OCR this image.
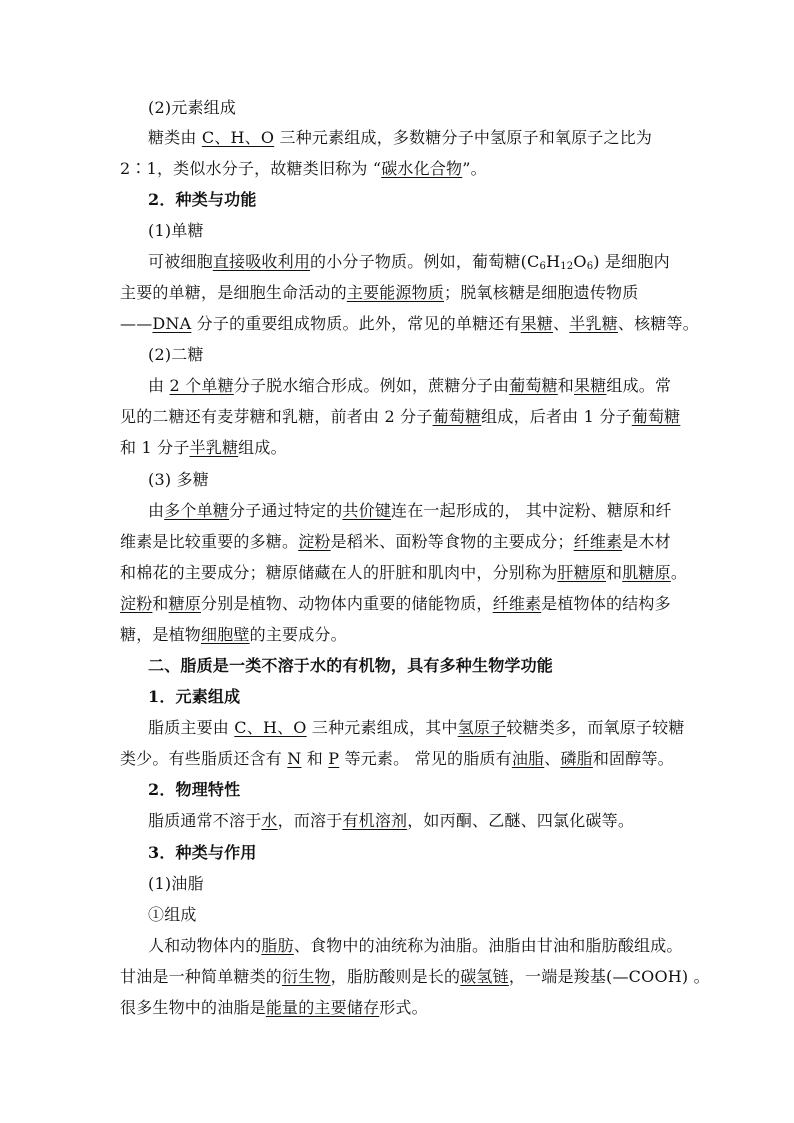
(2)元素组成
糖类由 C、H、O 三种元素组成，多数糖分子中氢原子和氧原子之比为
2∶1，类似水分子，故糖类旧称为 “碳水化合物”。
2．种类与功能
(1)单糖
可被细胞直接吸收利用的小分子物质。例如，葡萄糖$(C_6H_{12}O_6)$ 是细胞内
主要的单糖，是细胞生命活动的主要能源物质；脱氧核糖是细胞遗传物质
——DNA 分子的重要组成物质。此外，常见的单糖还有果糖、半乳糖、核糖等。
(2)二糖
由 2 个单糖分子脱水缩合形成。例如，蔗糖分子由葡萄糖和果糖组成。常
见的二糖还有麦芽糖和乳糖，前者由 2 分子葡萄糖组成，后者由 1 分子葡萄糖
和 1 分子半乳糖组成。
(3) 多糖
由多个单糖分子通过特定的共价键连在一起形成的， 其中淀粉、糖原和纤
维素是比较重要的多糖。淀粉是稻米、面粉等食物的主要成分；纤维素是木材
和棉花的主要成分；糖原储藏在人的肝脏和肌肉中，分别称为肝糖原和肌糖原。
淀粉和糖原分别是植物、动物体内重要的储能物质，纤维素是植物体的结构多
糖，是植物细胞壁的主要成分。
二、脂质是一类不溶于水的有机物，具有多种生物学功能
1．元素组成
脂质主要由 C、H、O 三种元素组成，其中氢原子较糖类多，而氧原子较糖
类少。有些脂质还含有 N 和 P 等元素。 常见的脂质有油脂、磷脂和固醇等。
2．物理特性
脂质通常不溶于水，而溶于有机溶剂，如丙酮、乙醚、四氯化碳等。
3．种类与作用
(1)油脂
①组成
人和动物体内的脂肪、食物中的油统称为油脂。油脂由甘油和脂肪酸组成。
甘油是一种简单糖类的衍生物，脂肪酸则是长的碳氢链，一端是羧基(—COOH) 。
很多生物中的油脂是能量的主要储存形式。
